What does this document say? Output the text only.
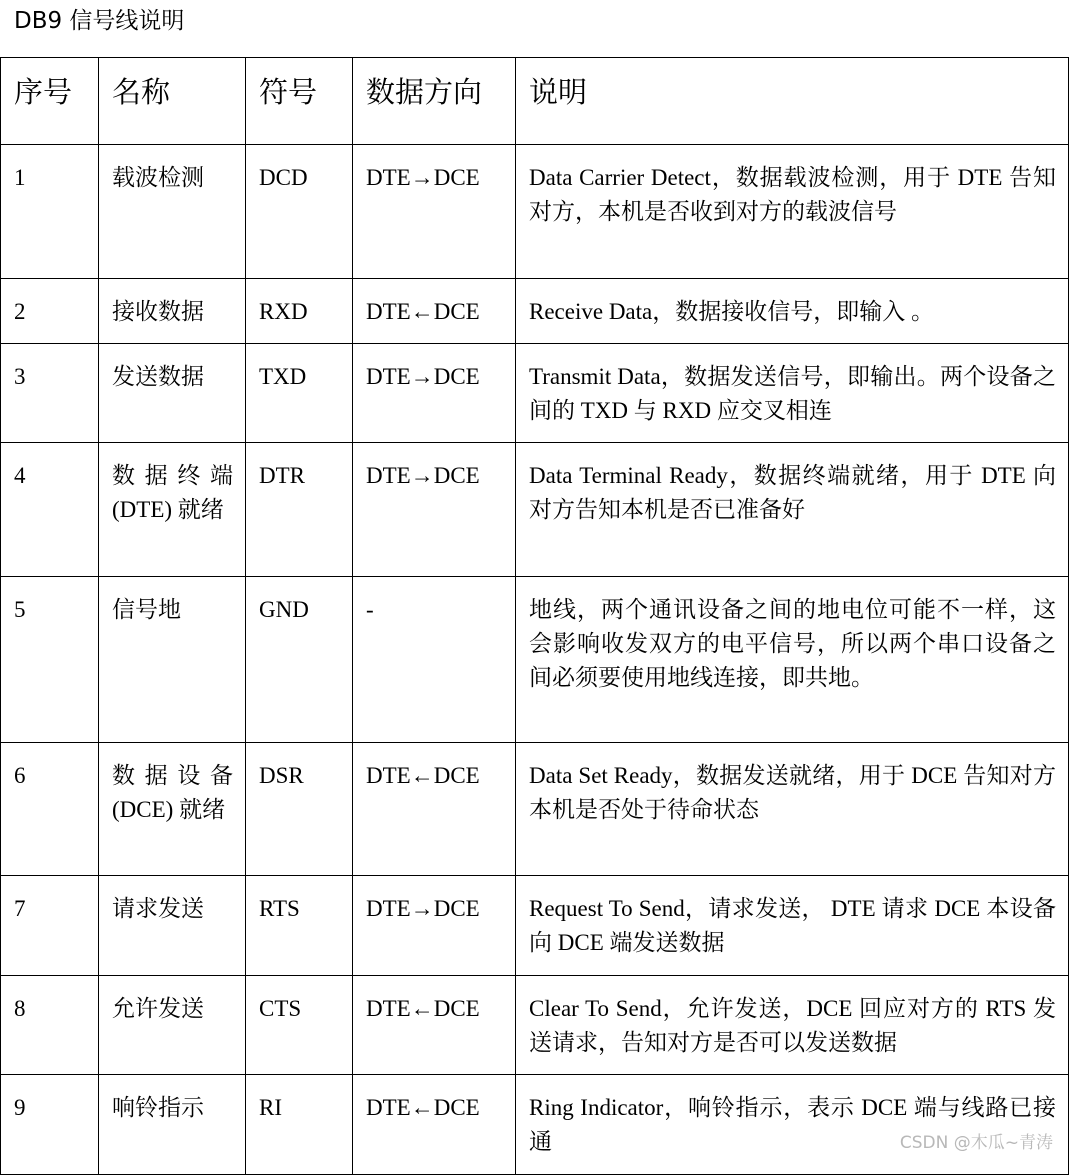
DB9 信号线说明
序号	名称	符号	数据方向	说明
1	载波检测	DCD	DTE→DCE	Data Carrier Detect，数据载波检测，用于 DTE 告知对方，本机是否收到对方的载波信号
2	接收数据	RXD	DTE←DCE	Receive Data，数据接收信号，即输入 。
3	发送数据	TXD	DTE→DCE	Transmit Data，数据发送信号，即输出。两个设备之间的 TXD 与 RXD 应交叉相连
4	数据终端(DTE) 就绪	DTR	DTE→DCE	Data Terminal Ready，数据终端就绪，用于 DTE 向对方告知本机是否已准备好
5	信号地	GND	-	地线，两个通讯设备之间的地电位可能不一样，这会影响收发双方的电平信号，所以两个串口设备之间必须要使用地线连接，即共地。
6	数据设备(DCE) 就绪	DSR	DTE←DCE	Data Set Ready，数据发送就绪，用于 DCE 告知对方本机是否处于待命状态
7	请求发送	RTS	DTE→DCE	Request To Send，请求发送， DTE 请求 DCE 本设备向 DCE 端发送数据
8	允许发送	CTS	DTE←DCE	Clear To Send，允许发送，DCE 回应对方的 RTS 发送请求，告知对方是否可以发送数据
9	响铃指示	RI	DTE←DCE	Ring Indicator，响铃指示，表示 DCE 端与线路已接通	CSDN @木瓜~青涛
